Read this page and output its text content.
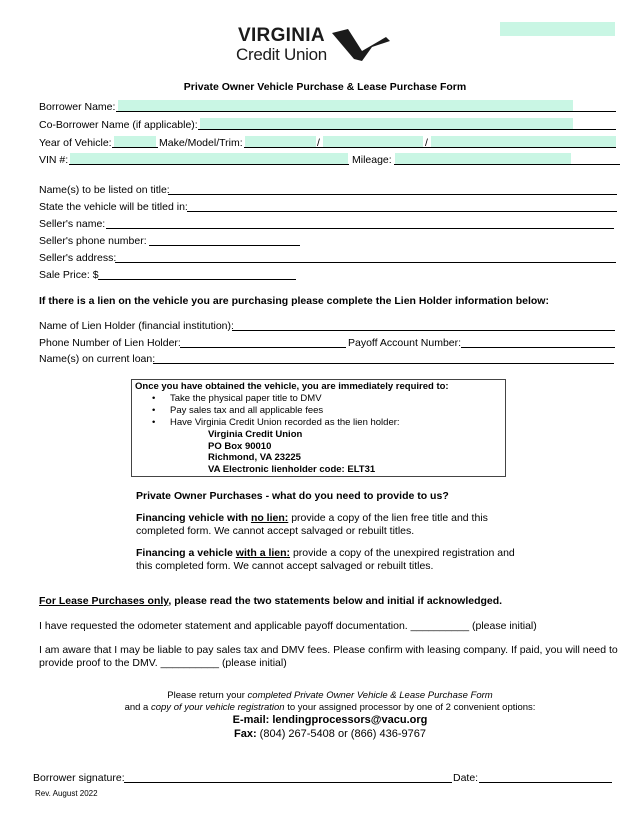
VIRGINIA
Credit Union
Private Owner Vehicle Purchase & Lease Purchase Form
Borrower Name:
Co-Borrower Name (if applicable):
Year of Vehicle:	Make/Model/Trim:	/	/
VIN #:	Mileage:
Name(s) to be listed on title:
State the vehicle will be titled in:
Seller's name:
Seller's phone number:
Seller's address:
Sale Price: $
If there is a lien on the vehicle you are purchasing please complete the Lien Holder information below:
Name of Lien Holder (financial institution):
Phone Number of Lien Holder:	Payoff Account Number:
Name(s) on current loan:
Once you have obtained the vehicle, you are immediately required to:
• Take the physical paper title to DMV
• Pay sales tax and all applicable fees
• Have Virginia Credit Union recorded as the lien holder:
Virginia Credit Union
PO Box 90010
Richmond, VA 23225
VA Electronic lienholder code: ELT31
Private Owner Purchases - what do you need to provide to us?
Financing vehicle with no lien: provide a copy of the lien free title and this completed form. We cannot accept salvaged or rebuilt titles.
Financing a vehicle with a lien: provide a copy of the unexpired registration and this completed form. We cannot accept salvaged or rebuilt titles.
For Lease Purchases only, please read the two statements below and initial if acknowledged.
I have requested the odometer statement and applicable payoff documentation. __________ (please initial)
I am aware that I may be liable to pay sales tax and DMV fees. Please confirm with leasing company. If paid, you will need to provide proof to the DMV. __________ (please initial)
Please return your completed Private Owner Vehicle & Lease Purchase Form
and a copy of your vehicle registration to your assigned processor by one of 2 convenient options:
E-mail: lendingprocessors@vacu.org
Fax: (804) 267-5408 or (866) 436-9767
Borrower signature:	Date:
Rev. August 2022
